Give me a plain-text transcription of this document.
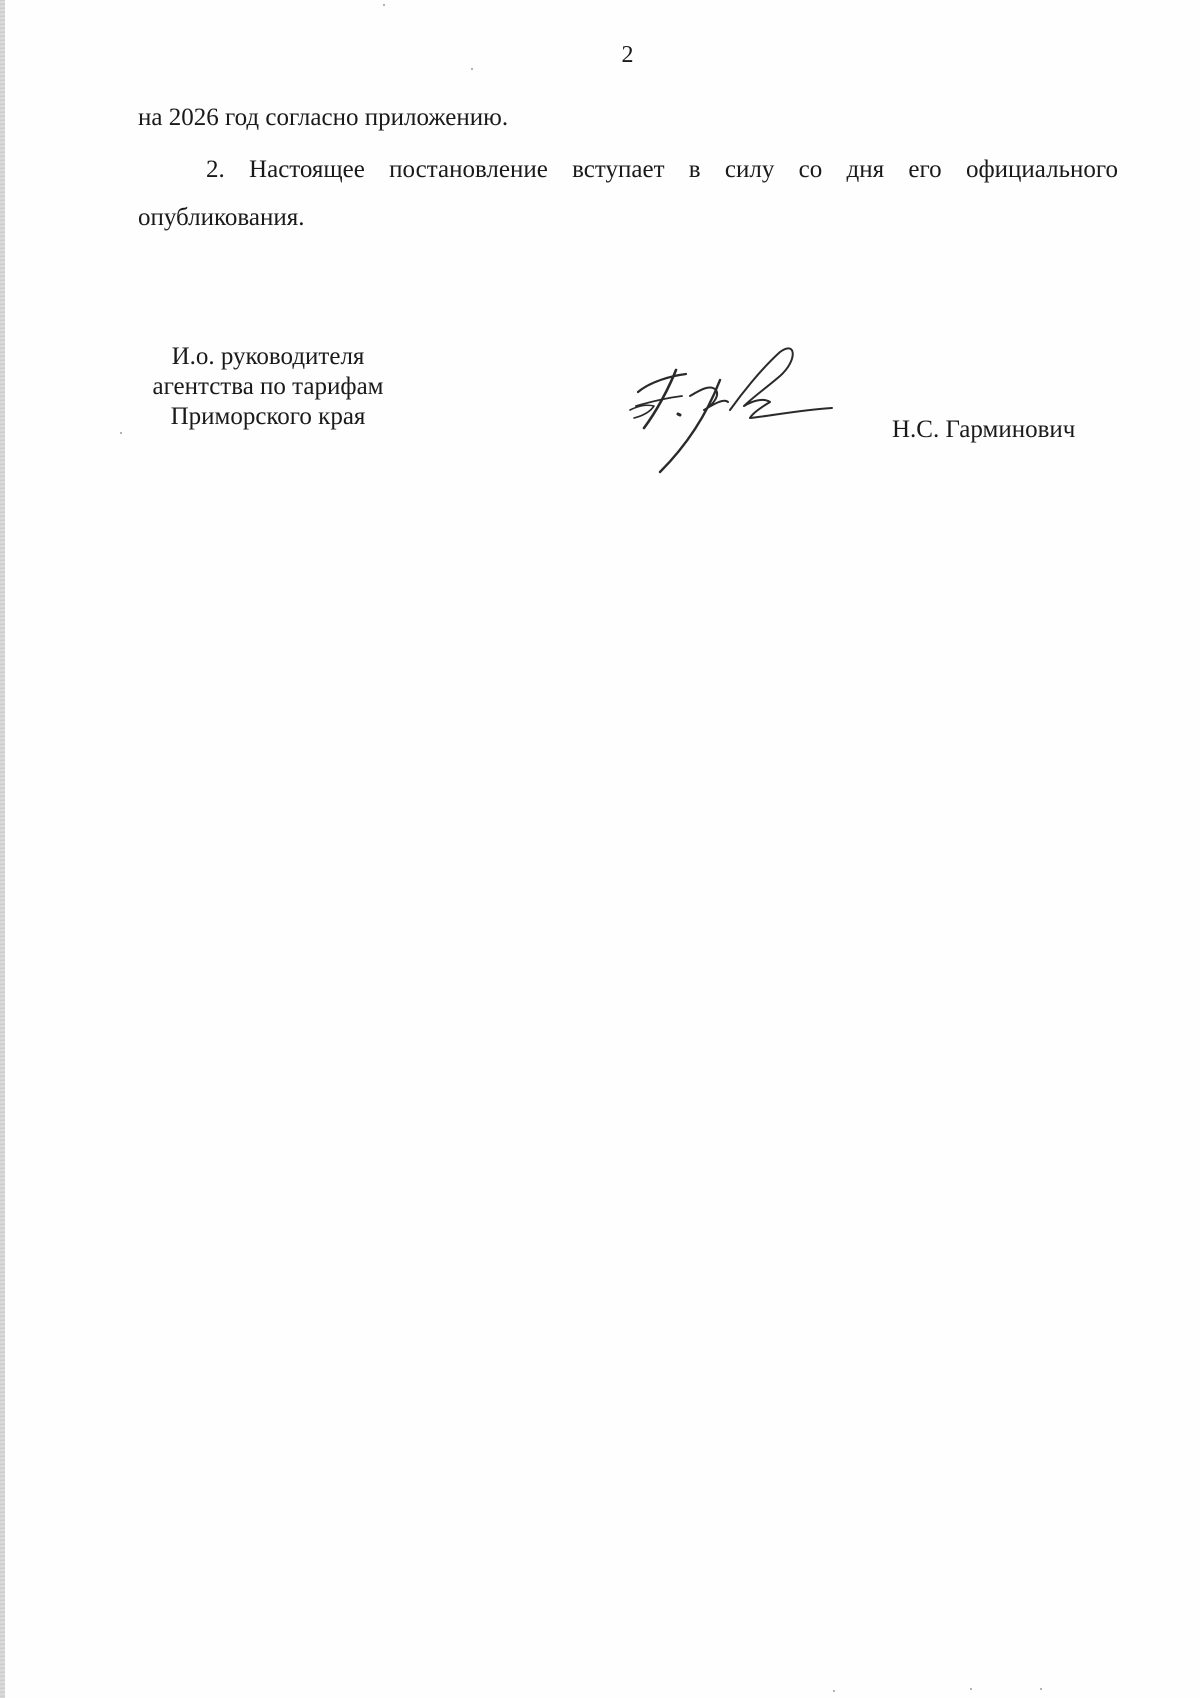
2

на 2026 год согласно приложению.

2. Настоящее постановление вступает в силу со дня его официального опубликования.

И.о. руководителя
агентства по тарифам
Приморского края	Н.С. Гарминович
